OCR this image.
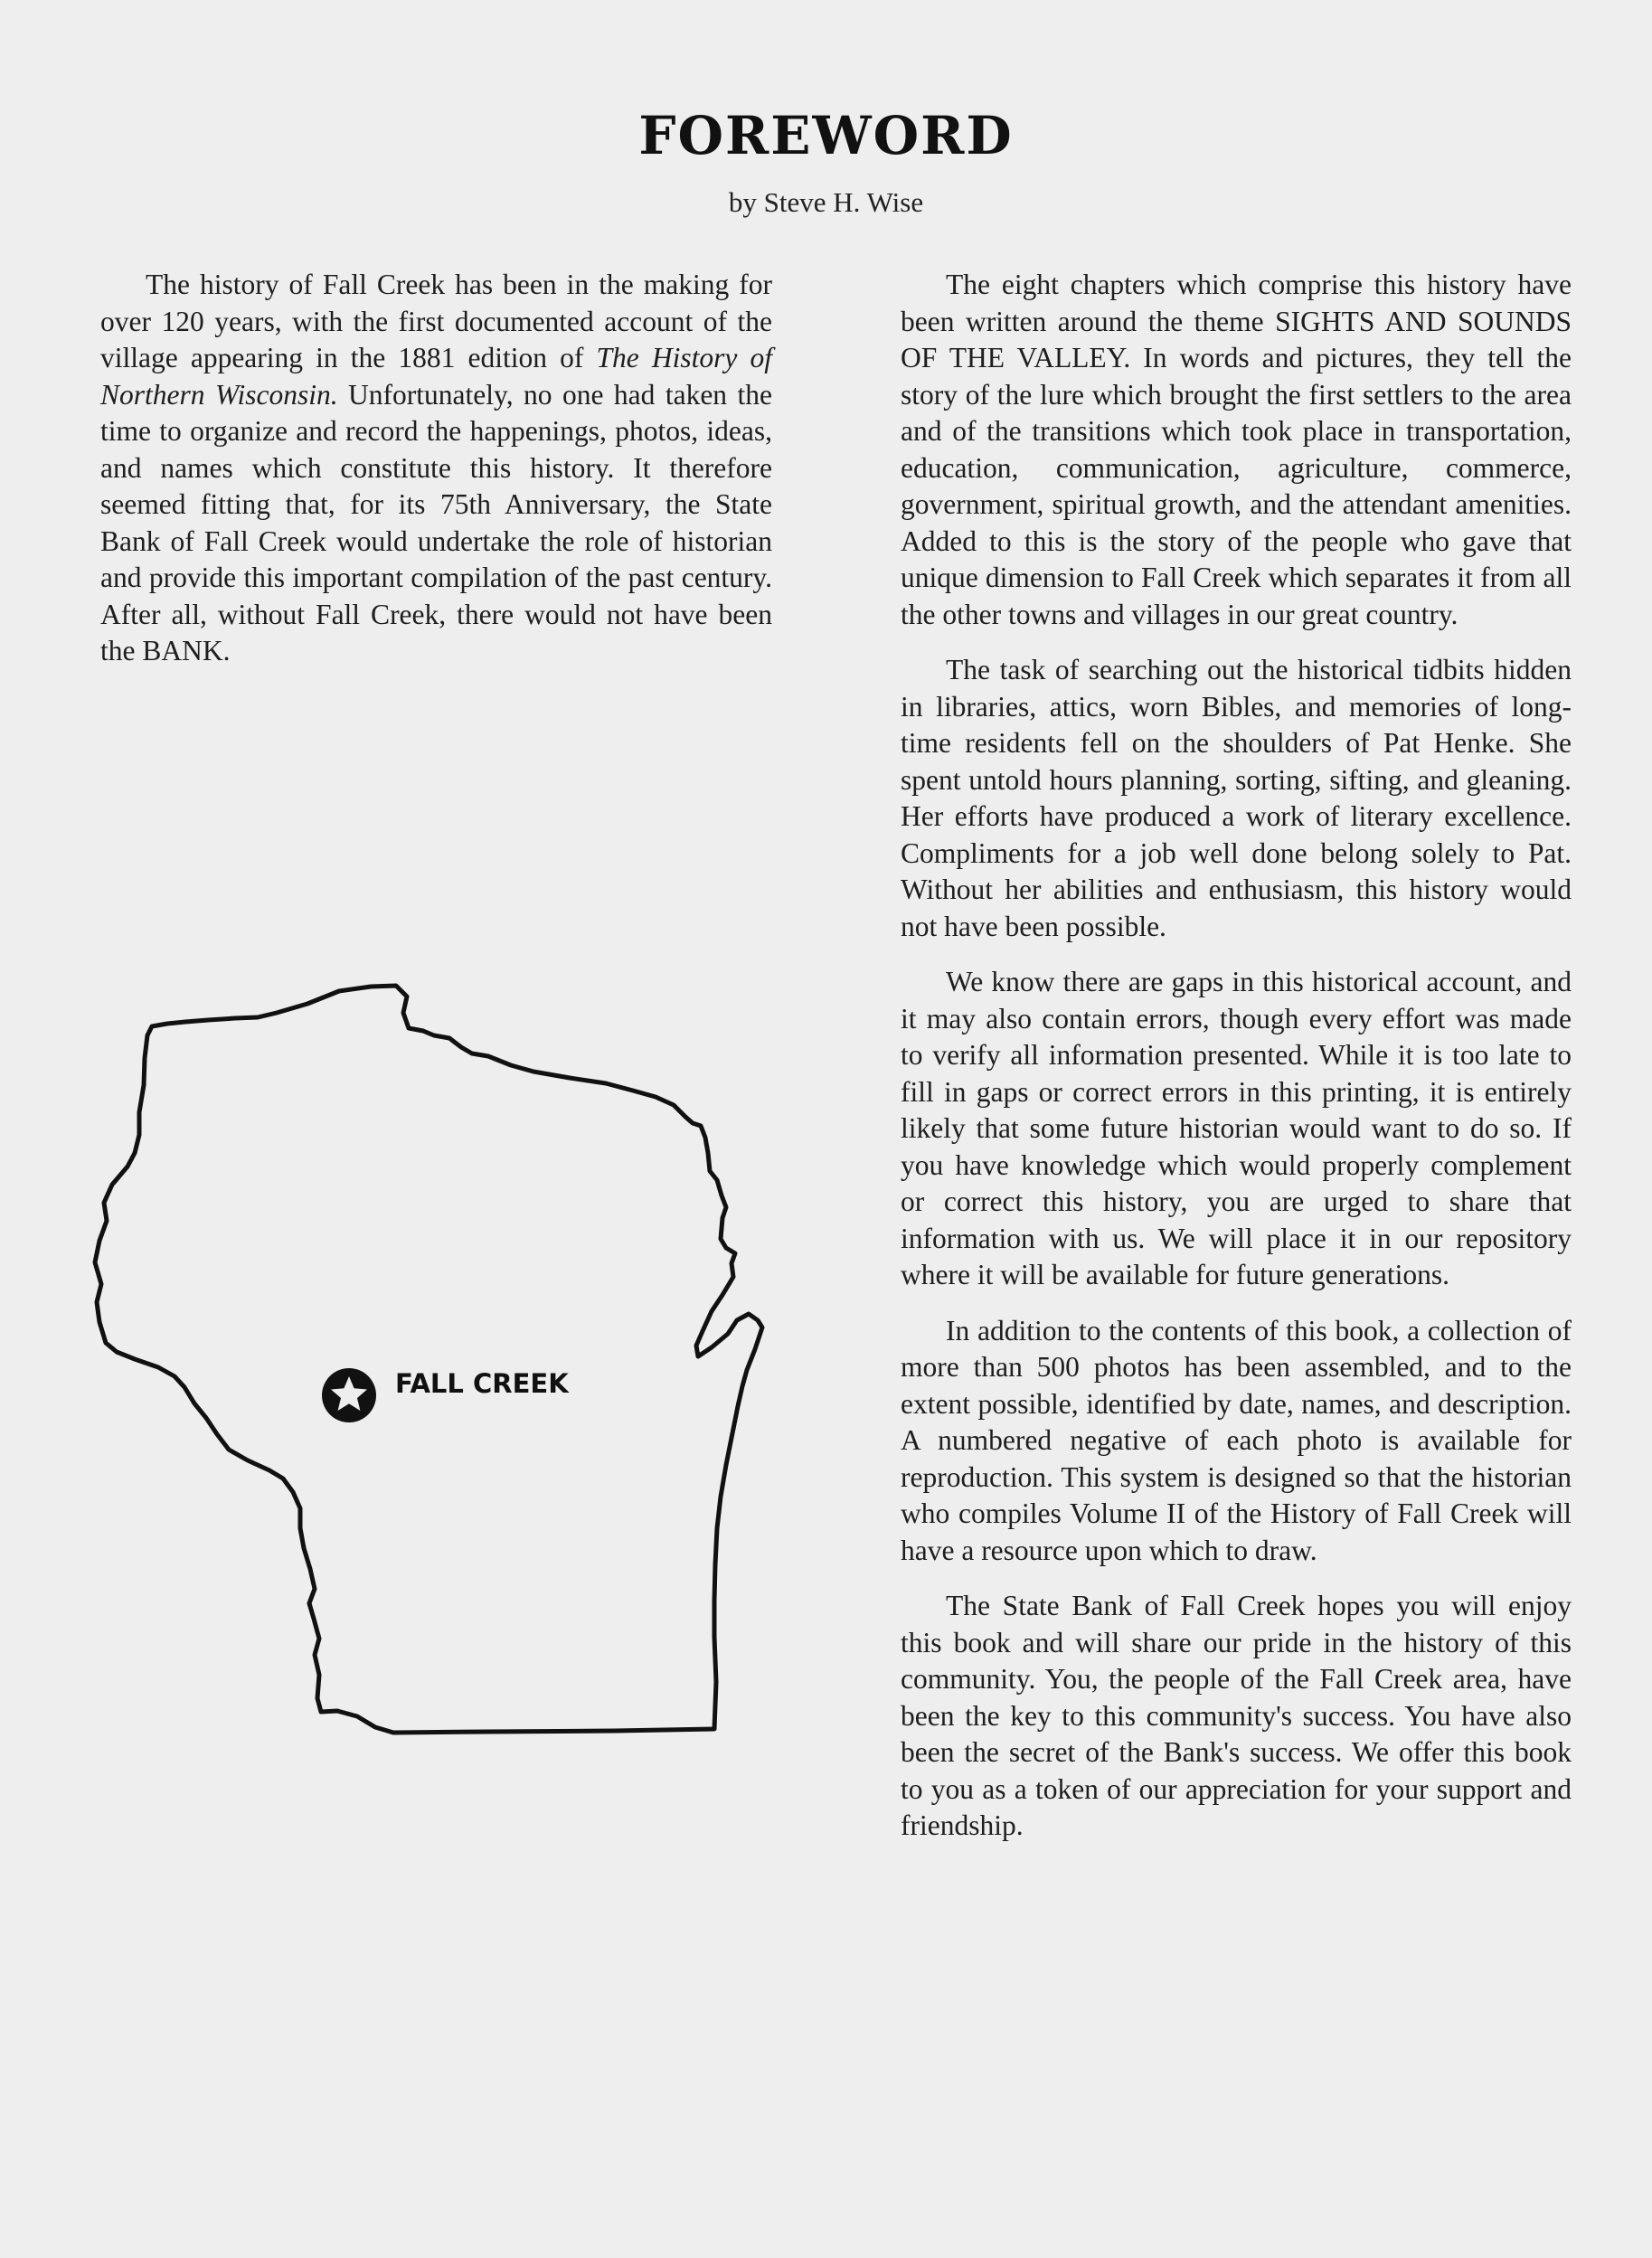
FOREWORD
by Steve H. Wise

The history of Fall Creek has been in the making for over 120 years, with the first documented account of the village appearing in the 1881 edition of The History of Northern Wisconsin. Unfortunately, no one had taken the time to organize and record the happenings, photos, ideas, and names which constitute this history. It therefore seemed fitting that, for its 75th Anniversary, the State Bank of Fall Creek would undertake the role of historian and provide this important compilation of the past century. After all, without Fall Creek, there would not have been the BANK.

FALL CREEK

The eight chapters which comprise this history have been written around the theme SIGHTS AND SOUNDS OF THE VALLEY. In words and pictures, they tell the story of the lure which brought the first settlers to the area and of the transitions which took place in transportation, education, communication, agriculture, commerce, government, spiritual growth, and the attendant amenities. Added to this is the story of the people who gave that unique dimension to Fall Creek which separates it from all the other towns and villages in our great country.

The task of searching out the historical tidbits hidden in libraries, attics, worn Bibles, and memories of long-time residents fell on the shoulders of Pat Henke. She spent untold hours planning, sorting, sifting, and gleaning. Her efforts have produced a work of literary excellence. Compliments for a job well done belong solely to Pat. Without her abilities and enthusiasm, this history would not have been possible.

We know there are gaps in this historical account, and it may also contain errors, though every effort was made to verify all information presented. While it is too late to fill in gaps or correct errors in this printing, it is entirely likely that some future historian would want to do so. If you have knowledge which would properly complement or correct this history, you are urged to share that information with us. We will place it in our repository where it will be available for future generations.

In addition to the contents of this book, a collection of more than 500 photos has been assembled, and to the extent possible, identified by date, names, and description. A numbered negative of each photo is available for reproduction. This system is designed so that the historian who compiles Volume II of the History of Fall Creek will have a resource upon which to draw.

The State Bank of Fall Creek hopes you will enjoy this book and will share our pride in the history of this community. You, the people of the Fall Creek area, have been the key to this community's success. You have also been the secret of the Bank's success. We offer this book to you as a token of our appreciation for your support and friendship.
